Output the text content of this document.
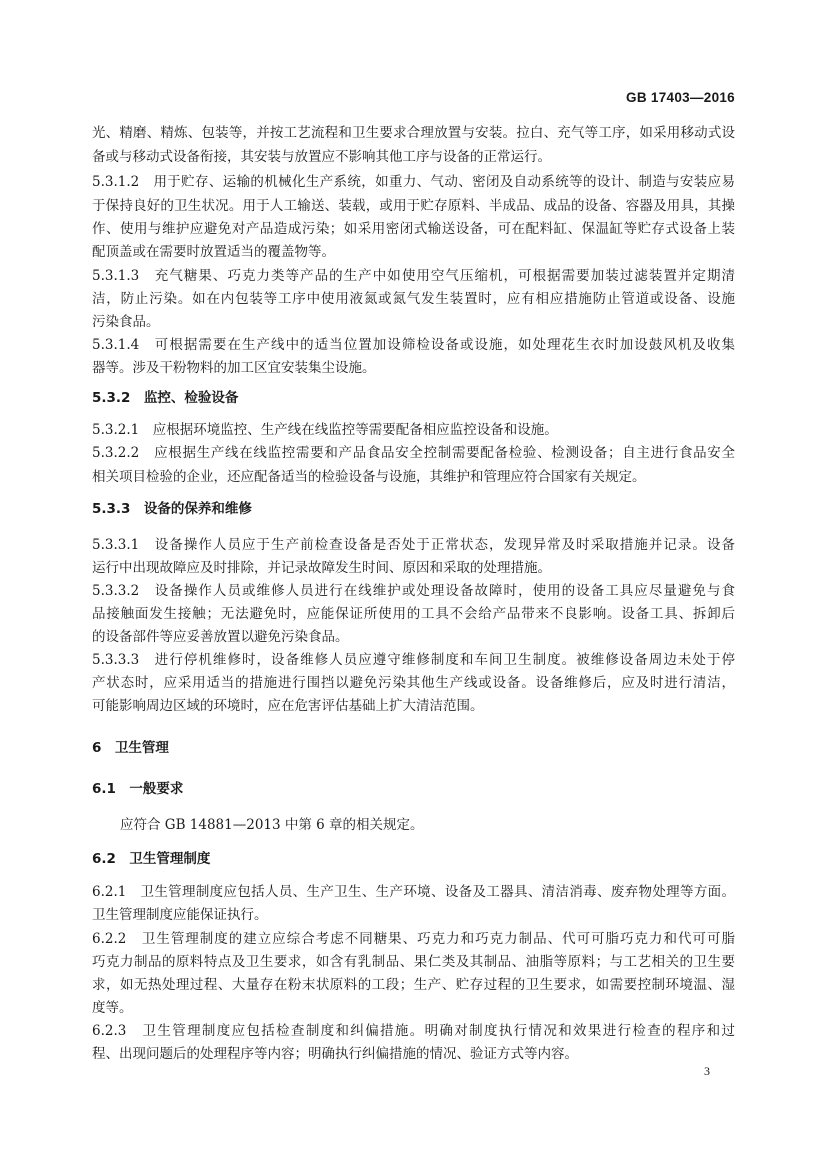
GB 17403—2016
光、精磨、精炼、包装等，并按工艺流程和卫生要求合理放置与安装。拉白、充气等工序，如采用移动式设
备或与移动式设备衔接，其安装与放置应不影响其他工序与设备的正常运行。
5.3.1.2　用于贮存、运输的机械化生产系统，如重力、气动、密闭及自动系统等的设计、制造与安装应易
于保持良好的卫生状况。用于人工输送、装载，或用于贮存原料、半成品、成品的设备、容器及用具，其操
作、使用与维护应避免对产品造成污染；如采用密闭式输送设备，可在配料缸、保温缸等贮存式设备上装
配顶盖或在需要时放置适当的覆盖物等。
5.3.1.3　充气糖果、巧克力类等产品的生产中如使用空气压缩机，可根据需要加装过滤装置并定期清
洁，防止污染。如在内包装等工序中使用液氮或氮气发生装置时，应有相应措施防止管道或设备、设施
污染食品。
5.3.1.4　可根据需要在生产线中的适当位置加设筛检设备或设施，如处理花生衣时加设鼓风机及收集
器等。涉及干粉物料的加工区宜安装集尘设施。
5.3.2　监控、检验设备
5.3.2.1　应根据环境监控、生产线在线监控等需要配备相应监控设备和设施。
5.3.2.2　应根据生产线在线监控需要和产品食品安全控制需要配备检验、检测设备；自主进行食品安全
相关项目检验的企业，还应配备适当的检验设备与设施，其维护和管理应符合国家有关规定。
5.3.3　设备的保养和维修
5.3.3.1　设备操作人员应于生产前检查设备是否处于正常状态，发现异常及时采取措施并记录。设备
运行中出现故障应及时排除，并记录故障发生时间、原因和采取的处理措施。
5.3.3.2　设备操作人员或维修人员进行在线维护或处理设备故障时，使用的设备工具应尽量避免与食
品接触面发生接触；无法避免时，应能保证所使用的工具不会给产品带来不良影响。设备工具、拆卸后
的设备部件等应妥善放置以避免污染食品。
5.3.3.3　进行停机维修时，设备维修人员应遵守维修制度和车间卫生制度。被维修设备周边未处于停
产状态时，应采用适当的措施进行围挡以避免污染其他生产线或设备。设备维修后，应及时进行清洁，
可能影响周边区域的环境时，应在危害评估基础上扩大清洁范围。
6　卫生管理
6.1　一般要求
应符合 GB 14881—2013 中第 6 章的相关规定。
6.2　卫生管理制度
6.2.1　卫生管理制度应包括人员、生产卫生、生产环境、设备及工器具、清洁消毒、废弃物处理等方面。
卫生管理制度应能保证执行。
6.2.2　卫生管理制度的建立应综合考虑不同糖果、巧克力和巧克力制品、代可可脂巧克力和代可可脂
巧克力制品的原料特点及卫生要求，如含有乳制品、果仁类及其制品、油脂等原料；与工艺相关的卫生要
求，如无热处理过程、大量存在粉末状原料的工段；生产、贮存过程的卫生要求，如需要控制环境温、湿
度等。
6.2.3　卫生管理制度应包括检查制度和纠偏措施。明确对制度执行情况和效果进行检查的程序和过
程、出现问题后的处理程序等内容；明确执行纠偏措施的情况、验证方式等内容。
3
